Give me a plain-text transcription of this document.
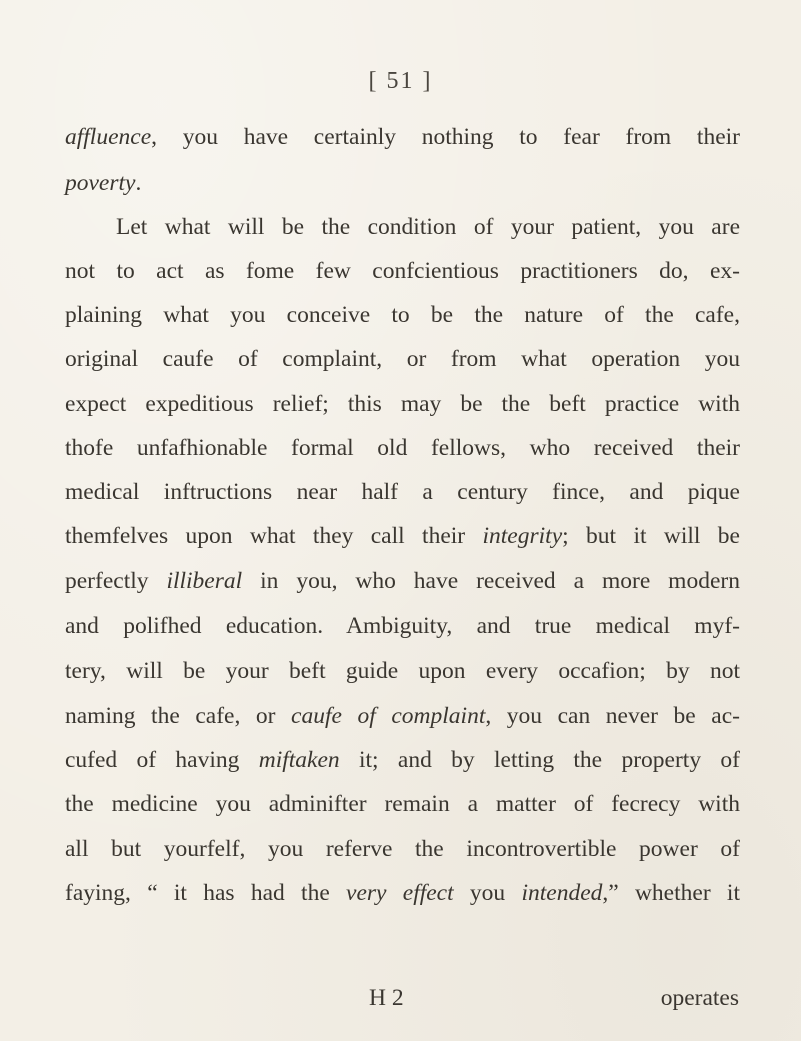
[ 51 ]
affluence, you have certainly nothing to fear from their
poverty.
Let what will be the condition of your patient, you are
not to act as fome few confcientious practitioners do, ex-
plaining what you conceive to be the nature of the cafe,
original caufe of complaint, or from what operation you
expect expeditious relief; this may be the beft practice with
thofe unfafhionable formal old fellows, who received their
medical inftructions near half a century fince, and pique
themfelves upon what they call their integrity; but it will be
perfectly illiberal in you, who have received a more modern
and polifhed education. Ambiguity, and true medical myf-
tery, will be your beft guide upon every occafion; by not
naming the cafe, or caufe of complaint, you can never be ac-
cufed of having miftaken it; and by letting the property of
the medicine you adminifter remain a matter of fecrecy with
all but yourfelf, you referve the incontrovertible power of
faying, “ it has had the very effect you intended,” whether it
H 2	operates
